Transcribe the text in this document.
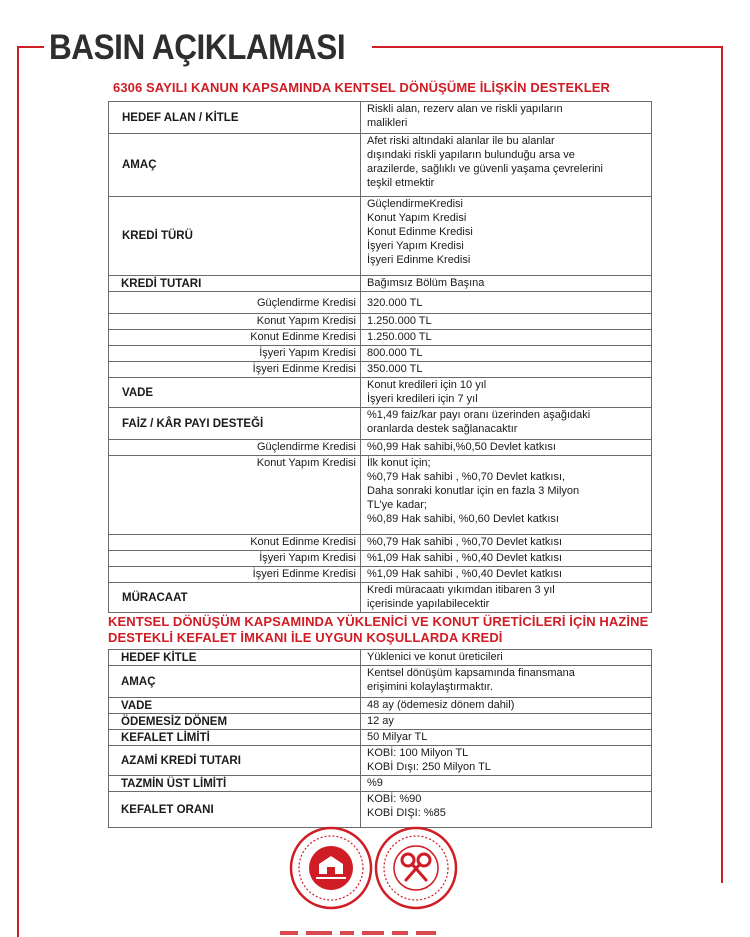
BASIN AÇIKLAMASI
6306 SAYILI KANUN KAPSAMINDA KENTSEL DÖNÜŞÜME İLİŞKİN DESTEKLER
HEDEF ALAN / KİTLE	Riskli alan, rezerv alan ve riskli yapıların
malikleri

AMAÇ	Afet riski altındaki alanlar ile bu alanlar
dışındaki riskli yapıların bulunduğu arsa ve
arazilerde, sağlıklı ve güvenli yaşama çevrelerini
teşkil etmektir

KREDİ TÜRÜ	GüçlendirmeKredisi
Konut Yapım Kredisi
Konut Edinme Kredisi
İşyeri Yapım Kredisi
İşyeri Edinme Kredisi

KREDİ TUTARI	Bağımsız Bölüm Başına
Güçlendirme Kredisi	320.000 TL
Konut Yapım Kredisi	1.250.000 TL
Konut Edinme Kredisi	1.250.000 TL
İşyeri Yapım Kredisi	800.000 TL
İşyeri Edinme Kredisi	350.000 TL
VADE	Konut kredileri için 10 yıl
İşyeri kredileri için 7 yıl

FAİZ / KÂR PAYI DESTEĞİ	%1,49 faiz/kar payı oranı üzerinden aşağıdaki
oranlarda destek sağlanacaktır

Güçlendirme Kredisi	%0,99 Hak sahibi,%0,50 Devlet katkısı

Konut Yapım Kredisi	İlk konut için;
%0,79 Hak sahibi , %0,70 Devlet katkısı,
Daha sonraki konutlar için en fazla 3 Milyon
TL’ye kadar;
%0,89 Hak sahibi, %0,60 Devlet katkısı

Konut Edinme Kredisi	%0,79 Hak sahibi , %0,70 Devlet katkısı

İşyeri Yapım Kredisi	%1,09 Hak sahibi , %0,40 Devlet katkısı

İşyeri Edinme Kredisi	%1,09 Hak sahibi , %0,40 Devlet katkısı

MÜRACAAT	Kredi müracaatı yıkımdan itibaren 3 yıl
içerisinde yapılabilecektir
KENTSEL DÖNÜŞÜM KAPSAMINDA YÜKLENİCİ VE KONUT ÜRETİCİLERİ İÇİN HAZİNE
DESTEKLİ KEFALET İMKANI İLE UYGUN KOŞULLARDA KREDİ
HEDEF KİTLE	Yüklenici ve konut üreticileri

AMAÇ	Kentsel dönüşüm kapsamında finansmana
erişimini kolaylaştırmaktır.

VADE	48 ay (ödemesiz dönem dahil)

ÖDEMESİZ DÖNEM	12 ay

KEFALET LİMİTİ	50 Milyar TL

AZAMİ KREDİ TUTARI	KOBİ: 100 Milyon TL
KOBİ Dışı: 250 Milyon TL

TAZMİN ÜST LİMİTİ	%9

KEFALET ORANI	KOBİ: %90
KOBİ DIŞI: %85
